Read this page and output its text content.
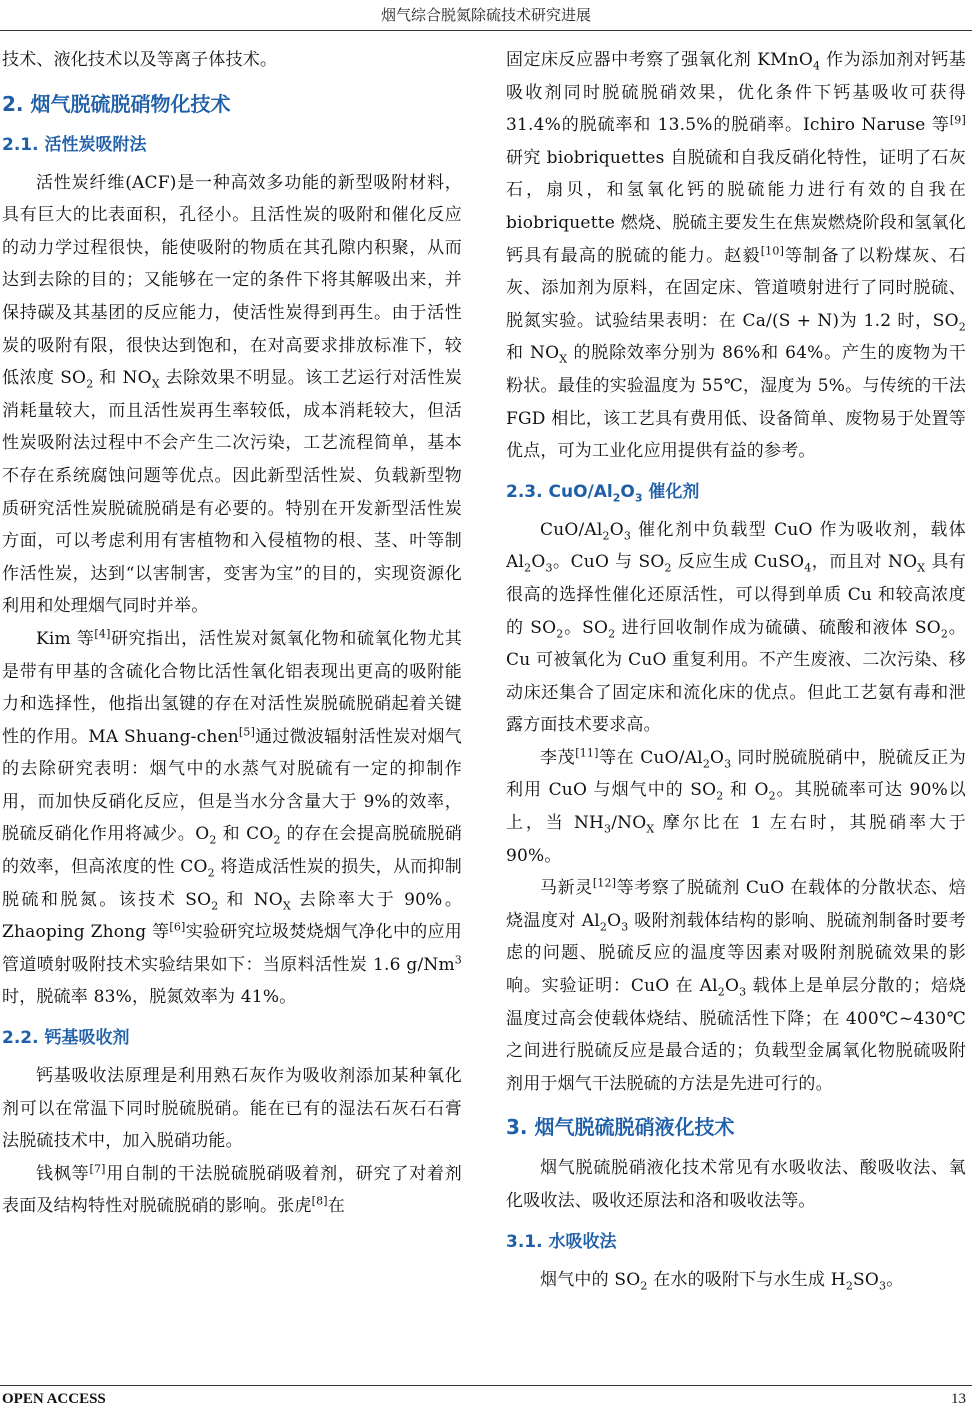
烟气综合脱氮除硫技术研究进展

技术、液化技术以及等离子体技术。

2. 烟气脱硫脱硝物化技术
2.1. 活性炭吸附法

活性炭纤维(ACF)是一种高效多功能的新型吸附材料，具有巨大的比表面积，孔径小。且活性炭的吸附和催化反应的动力学过程很快，能使吸附的物质在其孔隙内积聚，从而达到去除的目的；又能够在一定的条件下将其解吸出来，并保持碳及其基团的反应能力，使活性炭得到再生。由于活性炭的吸附有限，很快达到饱和，在对高要求排放标准下，较低浓度 $SO_2$ 和 $NO_X$ 去除效果不明显。该工艺运行对活性炭消耗量较大，而且活性炭再生率较低，成本消耗较大，但活性炭吸附法过程中不会产生二次污染，工艺流程简单，基本不存在系统腐蚀问题等优点。因此新型活性炭、负载新型物质研究活性炭脱硫脱硝是有必要的。特别在开发新型活性炭方面，可以考虑利用有害植物和入侵植物的根、茎、叶等制作活性炭，达到“以害制害，变害为宝”的目的，实现资源化利用和处理烟气同时并举。

Kim 等[4]研究指出，活性炭对氮氧化物和硫氧化物尤其是带有甲基的含硫化合物比活性氧化铝表现出更高的吸附能力和选择性，他指出氢键的存在对活性炭脱硫脱硝起着关键性的作用。MA Shuang-chen[5]通过微波辐射活性炭对烟气的去除研究表明：烟气中的水蒸气对脱硫有一定的抑制作用，而加快反硝化反应，但是当水分含量大于 9%的效率，脱硫反硝化作用将减少。$O_2$ 和 $CO_2$ 的存在会提高脱硫脱硝的效率，但高浓度的性 $CO_2$ 将造成活性炭的损失，从而抑制脱硫和脱氮。该技术 $SO_2$ 和 $NO_X$ 去除率大于 90%。Zhaoping Zhong 等[6]实验研究垃圾焚烧烟气净化中的应用管道喷射吸附技术实验结果如下：当原料活性炭 1.6 g/Nm$^3$ 时，脱硫率 83%，脱氮效率为 41%。

2.2. 钙基吸收剂

钙基吸收法原理是利用熟石灰作为吸收剂添加某种氧化剂可以在常温下同时脱硫脱硝。能在已有的湿法石灰石石膏法脱硫技术中，加入脱硝功能。

钱枫等[7]用自制的干法脱硫脱硝吸着剂，研究了对着剂表面及结构特性对脱硫脱硝的影响。张虎[8]在

固定床反应器中考察了强氧化剂 KMnO$_4$ 作为添加剂对钙基吸收剂同时脱硫脱硝效果，优化条件下钙基吸收可获得 31.4%的脱硫率和 13.5%的脱硝率。Ichiro Naruse 等[9]研究 biobriquettes 自脱硫和自我反硝化特性，证明了石灰石，扇贝，和氢氧化钙的脱硫能力进行有效的自我在 biobriquette 燃烧、脱硫主要发生在焦炭燃烧阶段和氢氧化钙具有最高的脱硫的能力。赵毅[10]等制备了以粉煤灰、石灰、添加剂为原料，在固定床、管道喷射进行了同时脱硫、脱氮实验。试验结果表明：在 Ca/(S + N)为 1.2 时，$SO_2$ 和 $NO_X$ 的脱除效率分别为 86%和 64%。产生的废物为干粉状。最佳的实验温度为 55℃，湿度为 5%。与传统的干法 FGD 相比，该工艺具有费用低、设备简单、废物易于处置等优点，可为工业化应用提供有益的参考。

2.3. CuO/$Al_2O_3$ 催化剂

CuO/$Al_2O_3$ 催化剂中负载型 CuO 作为吸收剂，载体 $Al_2O_3$。CuO 与 $SO_2$ 反应生成 CuSO$_4$，而且对 $NO_X$ 具有很高的选择性催化还原活性，可以得到单质 Cu 和较高浓度的 $SO_2$。$SO_2$ 进行回收制作成为硫磺、硫酸和液体 $SO_2$。Cu 可被氧化为 CuO 重复利用。不产生废液、二次污染、移动床还集合了固定床和流化床的优点。但此工艺氨有毒和泄露方面技术要求高。

李茂[11]等在 CuO/$Al_2O_3$ 同时脱硫脱硝中，脱硫反正为利用 CuO 与烟气中的 $SO_2$ 和 $O_2$。其脱硫率可达 90%以上，当 $NH_3/NO_X$ 摩尔比在 1 左右时，其脱硝率大于 90%。

马新灵[12]等考察了脱硫剂 CuO 在载体的分散状态、焙烧温度对 $Al_2O_3$ 吸附剂载体结构的影响、脱硫剂制备时要考虑的问题、脱硫反应的温度等因素对吸附剂脱硫效果的影响。实验证明：CuO 在 $Al_2O_3$ 载体上是单层分散的；焙烧温度过高会使载体烧结、脱硫活性下降；在 400℃~430℃之间进行脱硫反应是最合适的；负载型金属氧化物脱硫吸附剂用于烟气干法脱硫的方法是先进可行的。

3. 烟气脱硫脱硝液化技术

烟气脱硫脱硝液化技术常见有水吸收法、酸吸收法、氧化吸收法、吸收还原法和洛和吸收法等。

3.1. 水吸收法

烟气中的 $SO_2$ 在水的吸附下与水生成 $H_2SO_3$。

OPEN ACCESS	13
